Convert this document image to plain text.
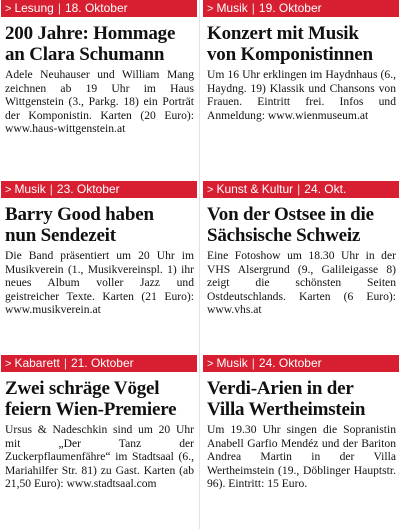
> Lesung | 18. Oktober
200 Jahre: Hommage
an Clara Schumann
Adele Neuhauser und William Mang zeichnen ab 19 Uhr im Haus Wittgenstein (3., Parkg. 18) ein Porträt der Komponistin. Karten (20 Euro): www.haus-wittgenstein.at
> Musik | 19. Oktober
Konzert mit Musik
von Komponistinnen
Um 16 Uhr erklingen im Haydnhaus (6., Haydng. 19) Klassik und Chansons von Frauen. Eintritt frei. Infos und Anmeldung: www.wienmuseum.at
> Musik | 23. Oktober
Barry Good haben
nun Sendezeit
Die Band präsentiert um 20 Uhr im Musikverein (1., Musikvereinspl. 1) ihr neues Album voller Jazz und geistreicher Texte. Karten (21 Euro): www.musikverein.at
> Kunst & Kultur | 24. Okt.
Von der Ostsee in die
Sächsische Schweiz
Eine Fotoshow um 18.30 Uhr in der VHS Alsergrund (9., Galileigasse 8) zeigt die schönsten Seiten Ostdeutschlands. Karten (6 Euro): www.vhs.at
> Kabarett | 21. Oktober
Zwei schräge Vögel
feiern Wien-Premiere
Ursus & Nadeschkin sind um 20 Uhr mit „Der Tanz der Zuckerpflaumenfähre“ im Stadtsaal (6., Mariahilfer Str. 81) zu Gast. Karten (ab 21,50 Euro): www.stadtsaal.com
> Musik | 24. Oktober
Verdi-Arien in der
Villa Wertheimstein
Um 19.30 Uhr singen die Sopranistin Anabell Garfio Mendéz und der Bariton Andrea Martin in der Villa Wertheimstein (19., Döblinger Hauptstr. 96). Eintritt: 15 Euro.
